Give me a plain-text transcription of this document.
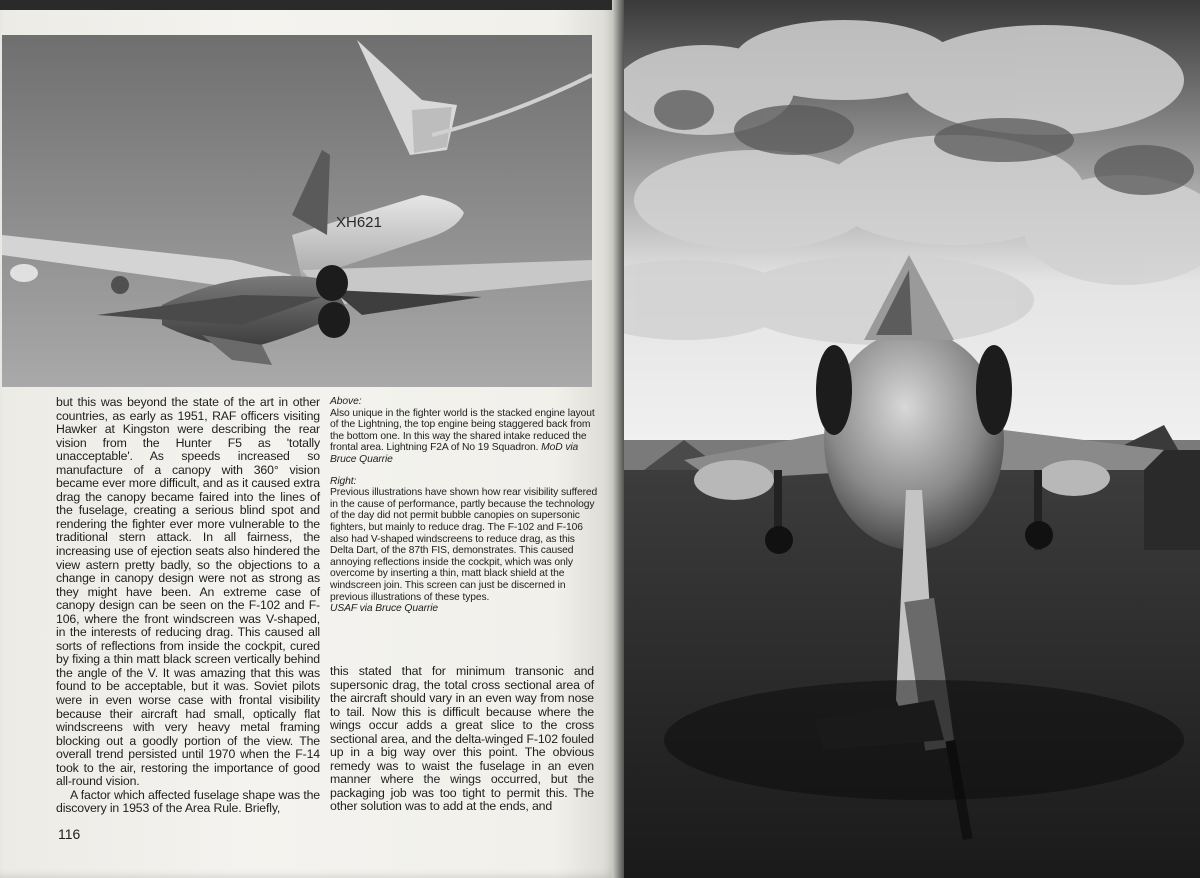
XH621

but this was beyond the state of the art in other countries, as early as 1951, RAF officers visiting Hawker at Kingston were describing the rear vision from the Hunter F5 as 'totally unacceptable'. As speeds increased so manufacture of a canopy with 360° vision became ever more difficult, and as it caused extra drag the canopy became faired into the lines of the fuselage, creating a serious blind spot and rendering the fighter ever more vulnerable to the traditional stern attack. In all fairness, the increasing use of ejection seats also hindered the view astern pretty badly, so the objections to a change in canopy design were not as strong as they might have been. An extreme case of canopy design can be seen on the F-102 and F-106, where the front windscreen was V-shaped, in the interests of reducing drag. This caused all sorts of reflections from inside the cockpit, cured by fixing a thin matt black screen vertically behind the angle of the V. It was amazing that this was found to be acceptable, but it was. Soviet pilots were in even worse case with frontal visibility because their aircraft had small, optically flat windscreens with very heavy metal framing blocking out a goodly portion of the view. The overall trend persisted until 1970 when the F-14 took to the air, restoring the importance of good all-round vision.

A factor which affected fuselage shape was the discovery in 1953 of the Area Rule. Briefly,

Above:
Also unique in the fighter world is the stacked engine layout of the Lightning, the top engine being staggered back from the bottom one. In this way the shared intake reduced the frontal area. Lightning F2A of No 19 Squadron. MoD via Bruce Quarrie
Right:
Previous illustrations have shown how rear visibility suffered in the cause of performance, partly because the technology of the day did not permit bubble canopies on supersonic fighters, but mainly to reduce drag. The F-102 and F-106 also had V-shaped windscreens to reduce drag, as this Delta Dart, of the 87th FIS, demonstrates. This caused annoying reflections inside the cockpit, which was only overcome by inserting a thin, matt black shield at the windscreen join. This screen can just be discerned in previous illustrations of these types.
USAF via Bruce Quarrie

this stated that for minimum transonic and supersonic drag, the total cross sectional area of the aircraft should vary in an even way from nose to tail. Now this is difficult because where the wings occur adds a great slice to the cross sectional area, and the delta-winged F-102 fouled up in a big way over this point. The obvious remedy was to waist the fuselage in an even manner where the wings occurred, but the packaging job was too tight to permit this. The other solution was to add at the ends, and

116
